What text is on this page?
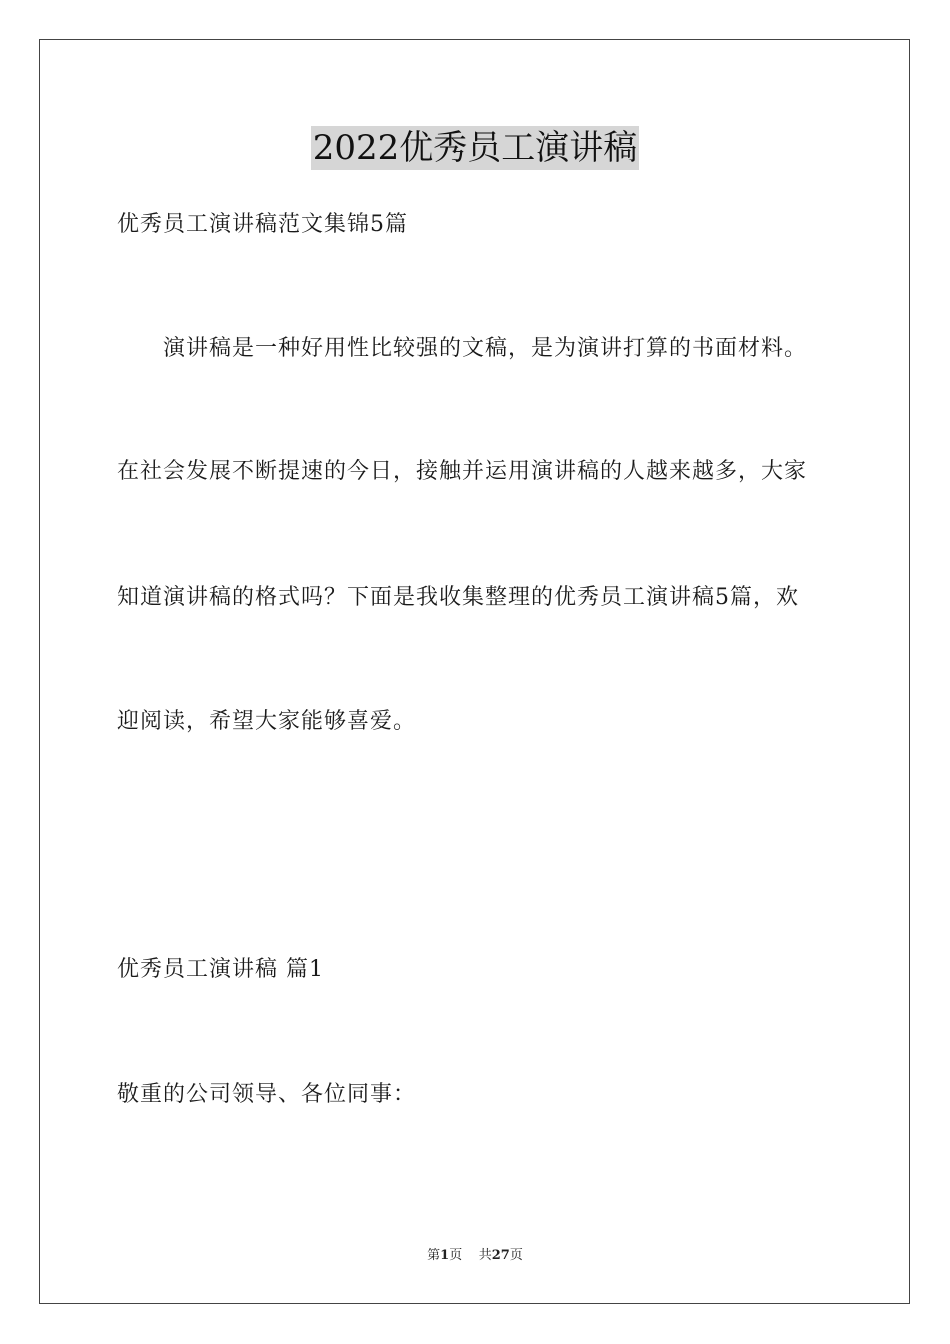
2022优秀员工演讲稿
优秀员工演讲稿范文集锦5篇
演讲稿是一种好用性比较强的文稿，是为演讲打算的书面材料。
在社会发展不断提速的今日，接触并运用演讲稿的人越来越多，大家
知道演讲稿的格式吗？下面是我收集整理的优秀员工演讲稿5篇，欢
迎阅读，希望大家能够喜爱。
优秀员工演讲稿 篇1
敬重的公司领导、各位同事：
第1页 共27页
